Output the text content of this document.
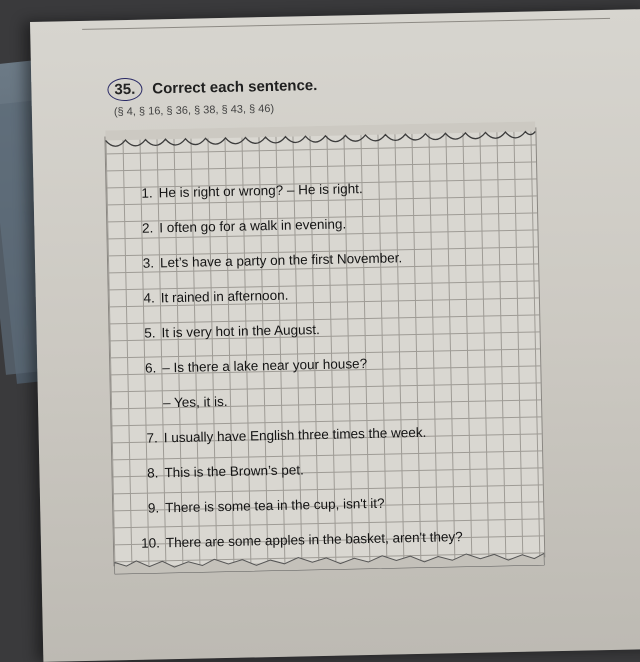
35.	Correct each sentence.
(§ 4, § 16, § 36, § 38, § 43, § 46)
1. He is right or wrong? – He is right.
2. I often go for a walk in evening.
3. Let’s have a party on the first November.
4. It rained in afternoon.
5. It is very hot in the August.
6. – Is there a lake near your house?
– Yes, it is.
7. I usually have English three times the week.
8. This is the Brown’s pet.
9. There is some tea in the cup, isn't it?
10. There are some apples in the basket, aren't they?
